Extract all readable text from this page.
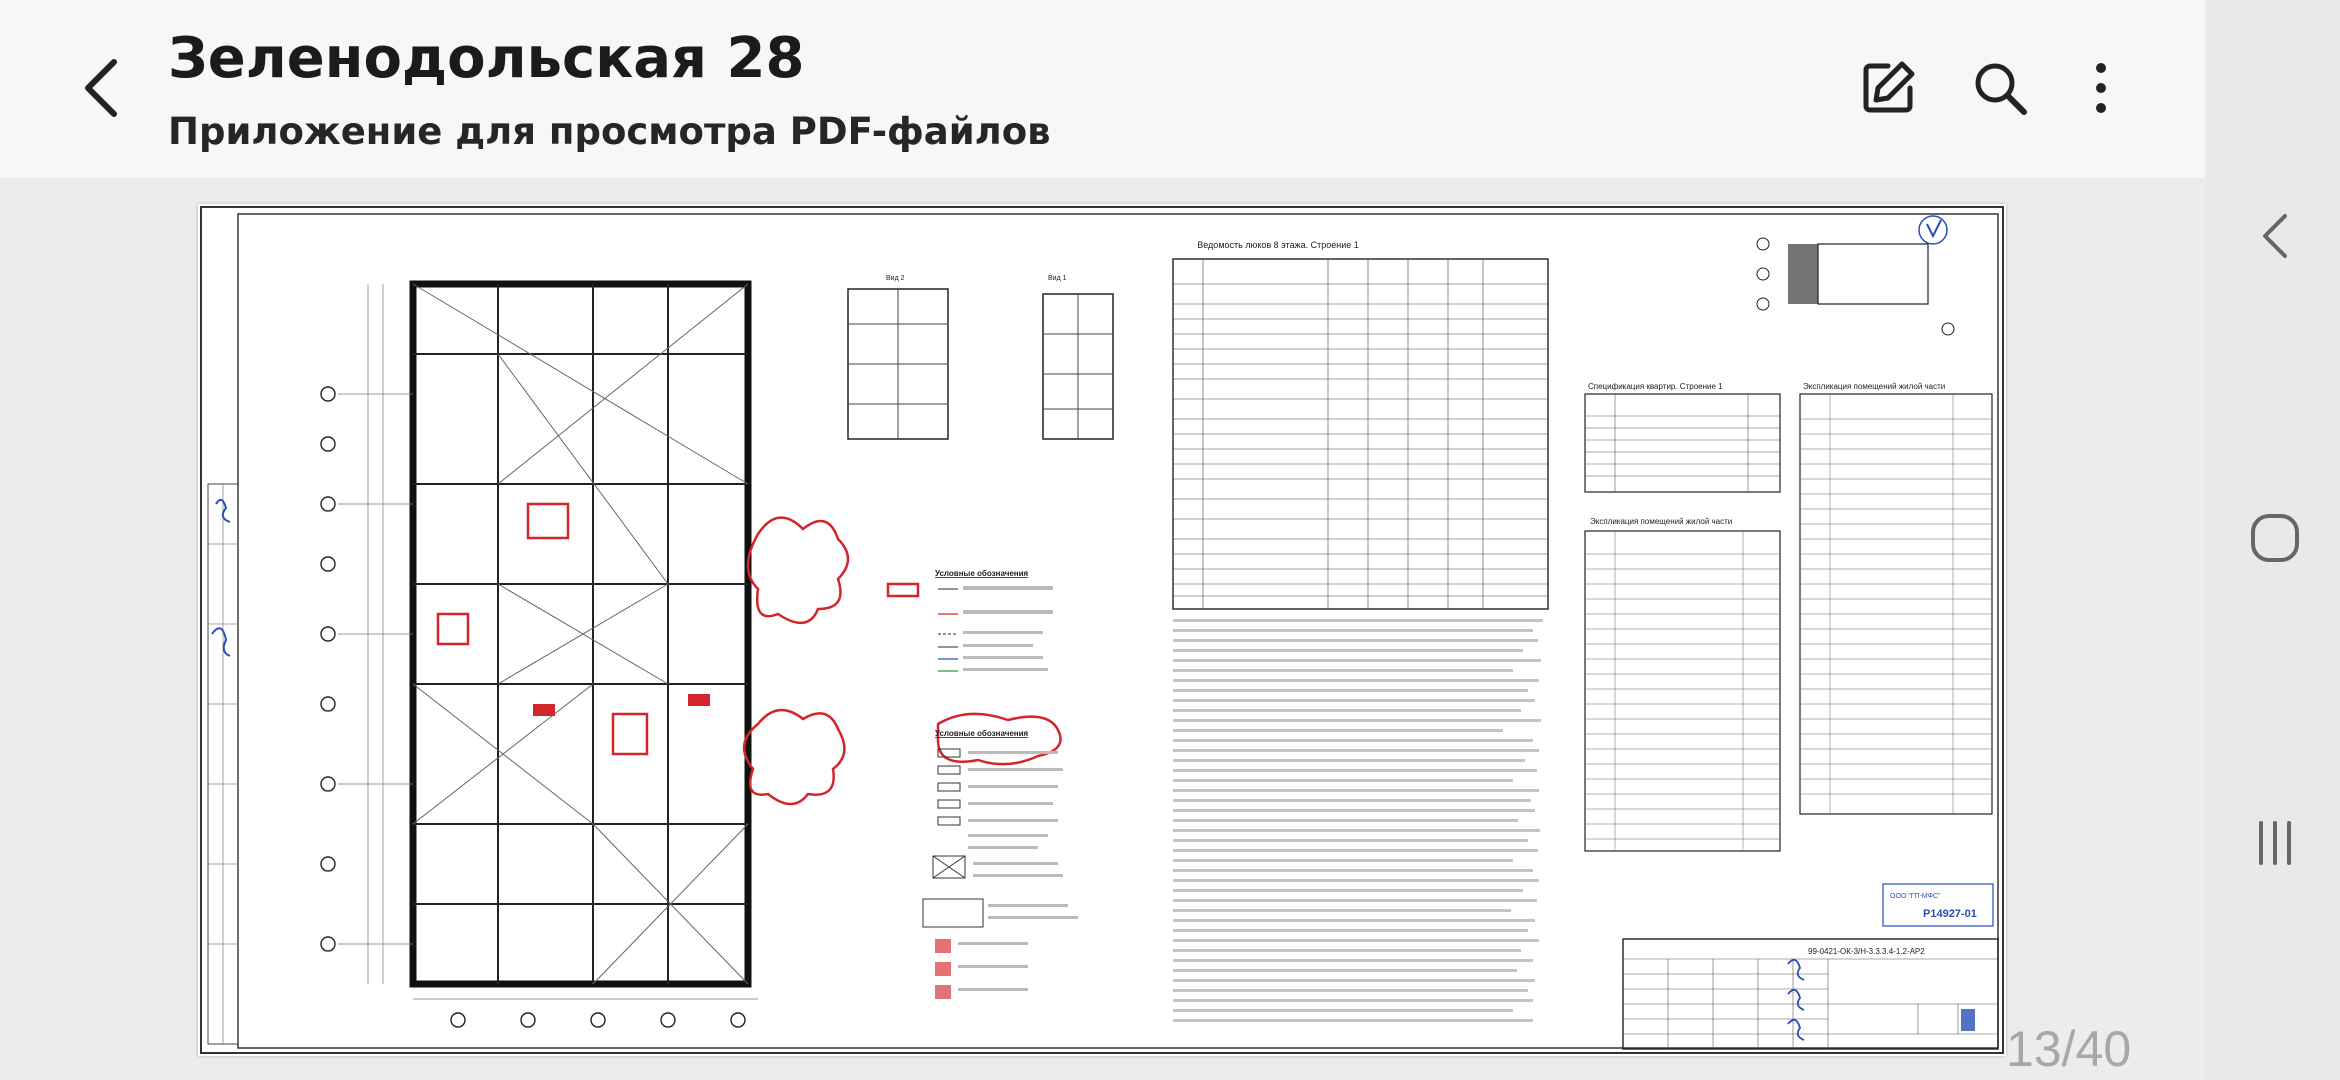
Зеленодольская 28
Приложение для просмотра PDF-файлов
Вид 2	Вид 1
Условные обозначения
Условные обозначения
Ведомость люков 8 этажа. Строение 1
Спецификация квартир. Строение 1
Экспликация помещений жилой части
Экспликация помещений жилой части
ООО "ГП-МФС"
Р14927-01
99-0421-ОК-3/Н-3.3.3.4-1.2-АР2
13/40
